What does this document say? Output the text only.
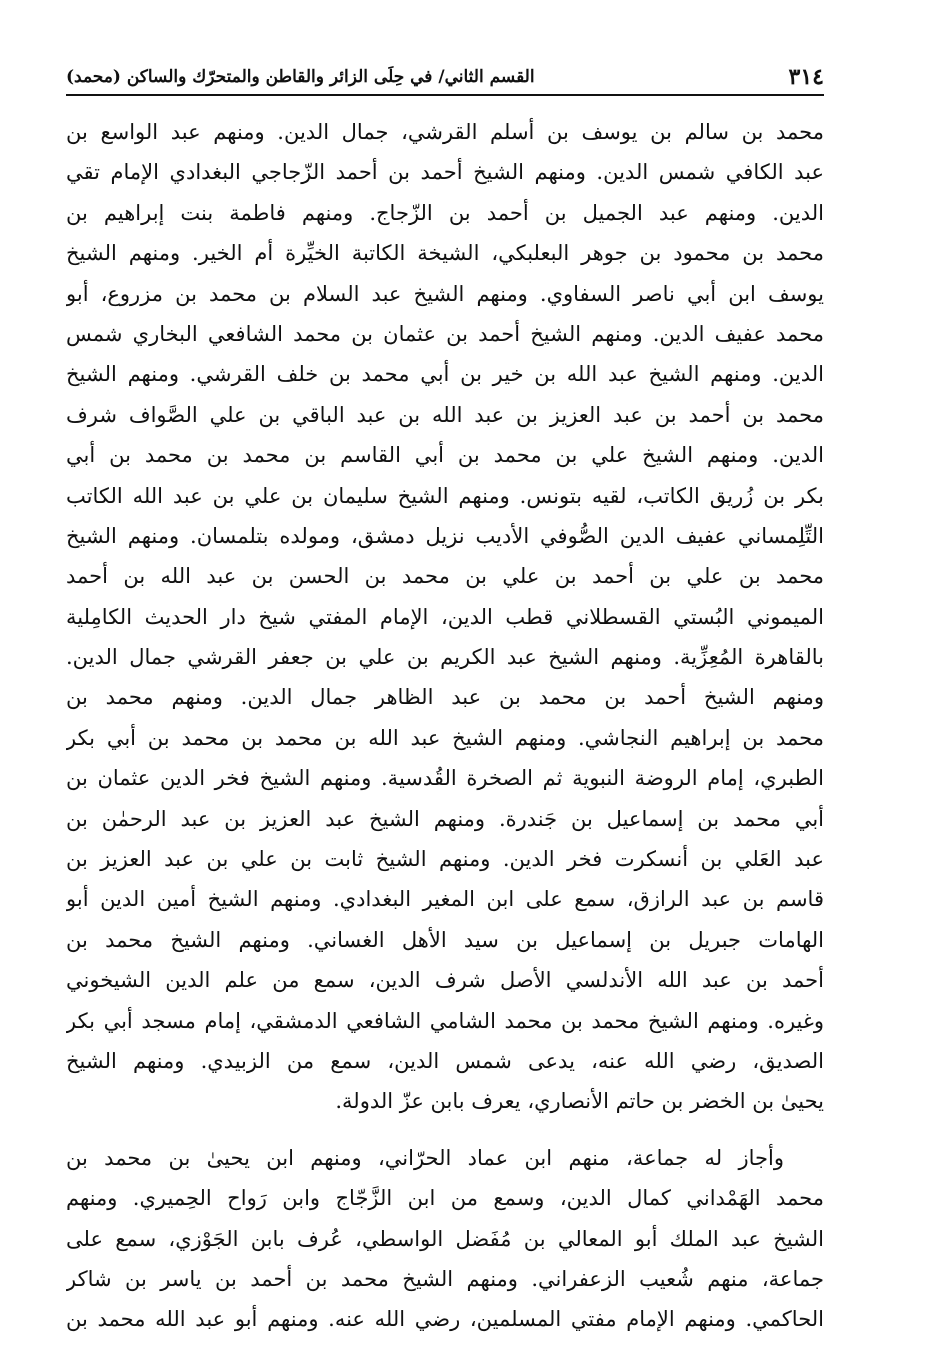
٣١٤
القسم الثاني/ في حِلَى الزائر والقاطن والمتحرّك والساكن (محمد)
محمد بن سالم بن يوسف بن أسلم القرشي، جمال الدين. ومنهم عبد الواسع بن
عبد الكافي شمس الدين. ومنهم الشيخ أحمد بن أحمد الزّجاجي البغدادي الإمام تقي
الدين. ومنهم عبد الجميل بن أحمد بن الزّجاج. ومنهم فاطمة بنت إبراهيم بن
محمد بن محمود بن جوهر البعلبكي، الشيخة الكاتبة الخيِّرة أم الخير. ومنهم الشيخ
يوسف ابن أبي ناصر السفاوي. ومنهم الشيخ عبد السلام بن محمد بن مزروع، أبو
محمد عفيف الدين. ومنهم الشيخ أحمد بن عثمان بن محمد الشافعي البخاري شمس
الدين. ومنهم الشيخ عبد الله بن خير بن أبي محمد بن خلف القرشي. ومنهم الشيخ
محمد بن أحمد بن عبد العزيز بن عبد الله بن عبد الباقي بن علي الصَّواف شرف
الدين. ومنهم الشيخ علي بن محمد بن أبي القاسم بن محمد بن محمد بن أبي
بكر بن زُريق الكاتب، لقيه بتونس. ومنهم الشيخ سليمان بن علي بن عبد الله الكاتب
التِّلِمساني عفيف الدين الصُّوفي الأديب نزيل دمشق، ومولده بتلمسان. ومنهم الشيخ
محمد بن علي بن أحمد بن علي بن محمد بن الحسن بن عبد الله بن أحمد
الميموني البُستي القسطلاني قطب الدين، الإمام المفتي شيخ دار الحديث الكامِلية
بالقاهرة المُعِزِّية. ومنهم الشيخ عبد الكريم بن علي بن جعفر القرشي جمال الدين.
ومنهم الشيخ أحمد بن محمد بن عبد الظاهر جمال الدين. ومنهم محمد بن
محمد بن إبراهيم النجاشي. ومنهم الشيخ عبد الله بن محمد بن محمد بن أبي بكر
الطبري، إمام الروضة النبوية ثم الصخرة القُدسية. ومنهم الشيخ فخر الدين عثمان بن
أبي محمد بن إسماعيل بن جَندرة. ومنهم الشيخ عبد العزيز بن عبد الرحمٰن بن
عبد العَلي بن أنسكرت فخر الدين. ومنهم الشيخ ثابت بن علي بن عبد العزيز بن
قاسم بن عبد الرازق، سمع على ابن المغير البغدادي. ومنهم الشيخ أمين الدين أبو
الهامات جبريل بن إسماعيل بن سيد الأهل الغساني. ومنهم الشيخ محمد بن
أحمد بن عبد الله الأندلسي الأصل شرف الدين، سمع من علم الدين الشيخوني
وغيره. ومنهم الشيخ محمد بن محمد الشامي الشافعي الدمشقي، إمام مسجد أبي بكر
الصديق، رضي الله عنه، يدعى شمس الدين، سمع من الزبيدي. ومنهم الشيخ
يحيىٰ بن الخضر بن حاتم الأنصاري، يعرف بابن عزّ الدولة.
وأجاز له جماعة، منهم ابن عماد الحرّاني، ومنهم ابن يحيىٰ بن محمد بن
محمد الهَمْداني كمال الدين، وسمع من ابن الزَّجّاج وابن رَواح الحِميري. ومنهم
الشيخ عبد الملك أبو المعالي بن مُفَضل الواسطي، عُرف بابن الجَوْزي، سمع على
جماعة، منهم شُعيب الزعفراني. ومنهم الشيخ محمد بن أحمد بن ياسر بن شاكر
الحاكمي. ومنهم الإمام مفتي المسلمين، رضي الله عنه. ومنهم أبو عبد الله محمد بن
